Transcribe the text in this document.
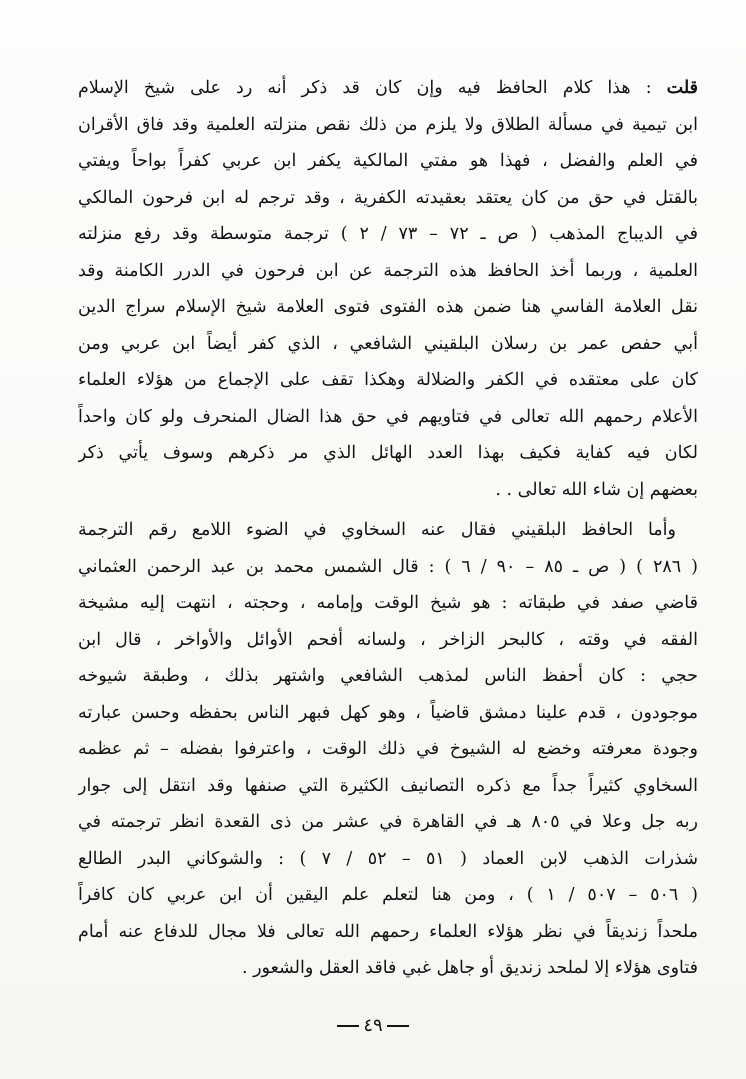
قلت : هذا كلام الحافظ فيه وإن كان قد ذكر أنه رد على شيخ الإسلام
ابن تيمية في مسألة الطلاق ولا يلزم من ذلك نقص منزلته العلمية وقد فاق الأقران
في العلم والفضل ، فهذا هو مفتي المالكية يكفر ابن عربي كفراً بواحاً ويفتي
بالقتل في حق من كان يعتقد بعقيدته الكفرية ، وقد ترجم له ابن فرحون المالكي
في الديباج المذهب ( ص ـ ٧٢ – ٧٣ / ٢ ) ترجمة متوسطة وقد رفع منزلته
العلمية ، وربما أخذ الحافظ هذه الترجمة عن ابن فرحون في الدرر الكامنة وقد
نقل العلامة الفاسي هنا ضمن هذه الفتوى فتوى العلامة شيخ الإسلام سراج الدين
أبي حفص عمر بن رسلان البلقيني الشافعي ، الذي كفر أيضاً ابن عربي ومن
كان على معتقده في الكفر والضلالة وهكذا تقف على الإجماع من هؤلاء العلماء
الأعلام رحمهم الله تعالى في فتاويهم في حق هذا الضال المنحرف ولو كان واحداً
لكان فيه كفاية فكيف بهذا العدد الهائل الذي مر ذكرهم وسوف يأتي ذكر
بعضهم إن شاء الله تعالى . .
وأما الحافظ البلقيني فقال عنه السخاوي في الضوء اللامع رقم الترجمة
( ٢٨٦ ) ( ص ـ ٨٥ – ٩٠ / ٦ ) : قال الشمس محمد بن عبد الرحمن العثماني
قاضي صفد في طبقاته : هو شيخ الوقت وإمامه ، وحجته ، انتهت إليه مشيخة
الفقه في وقته ، كالبحر الزاخر ، ولسانه أفحم الأوائل والأواخر ، قال ابن
حجي : كان أحفظ الناس لمذهب الشافعي واشتهر بذلك ، وطبقة شيوخه
موجودون ، قدم علينا دمشق قاضياً ، وهو كهل فبهر الناس بحفظه وحسن عبارته
وجودة معرفته وخضع له الشيوخ في ذلك الوقت ، واعترفوا بفضله – ثم عظمه
السخاوي كثيراً جداً مع ذكره التصانيف الكثيرة التي صنفها وقد انتقل إلى جوار
ربه جل وعلا في ٨٠٥ هـ في القاهرة في عشر من ذى القعدة انظر ترجمته في
شذرات الذهب لابن العماد ( ٥١ – ٥٢ / ٧ ) : والشوكاني البدر الطالع
( ٥٠٦ – ٥٠٧ / ١ ) ، ومن هنا لتعلم علم اليقين أن ابن عربي كان كافراً
ملحداً زنديقاً في نظر هؤلاء العلماء رحمهم الله تعالى فلا مجال للدفاع عنه أمام
فتاوى هؤلاء إلا لملحد زنديق أو جاهل غبي فاقد العقل والشعور .
٤٩
